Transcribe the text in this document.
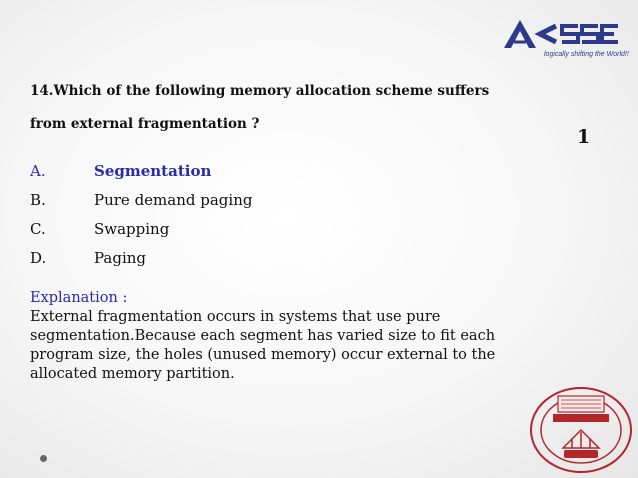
logically shifting the World!!
14.Which of the following memory allocation scheme suffers from external fragmentation ?
1
A.	Segmentation
B.	Pure demand paging
C.	Swapping
D.	Paging
Explanation :
External fragmentation occurs in systems that use pure segmentation.Because each segment has varied size to fit each program size, the holes (unused memory) occur external to the allocated memory partition.
